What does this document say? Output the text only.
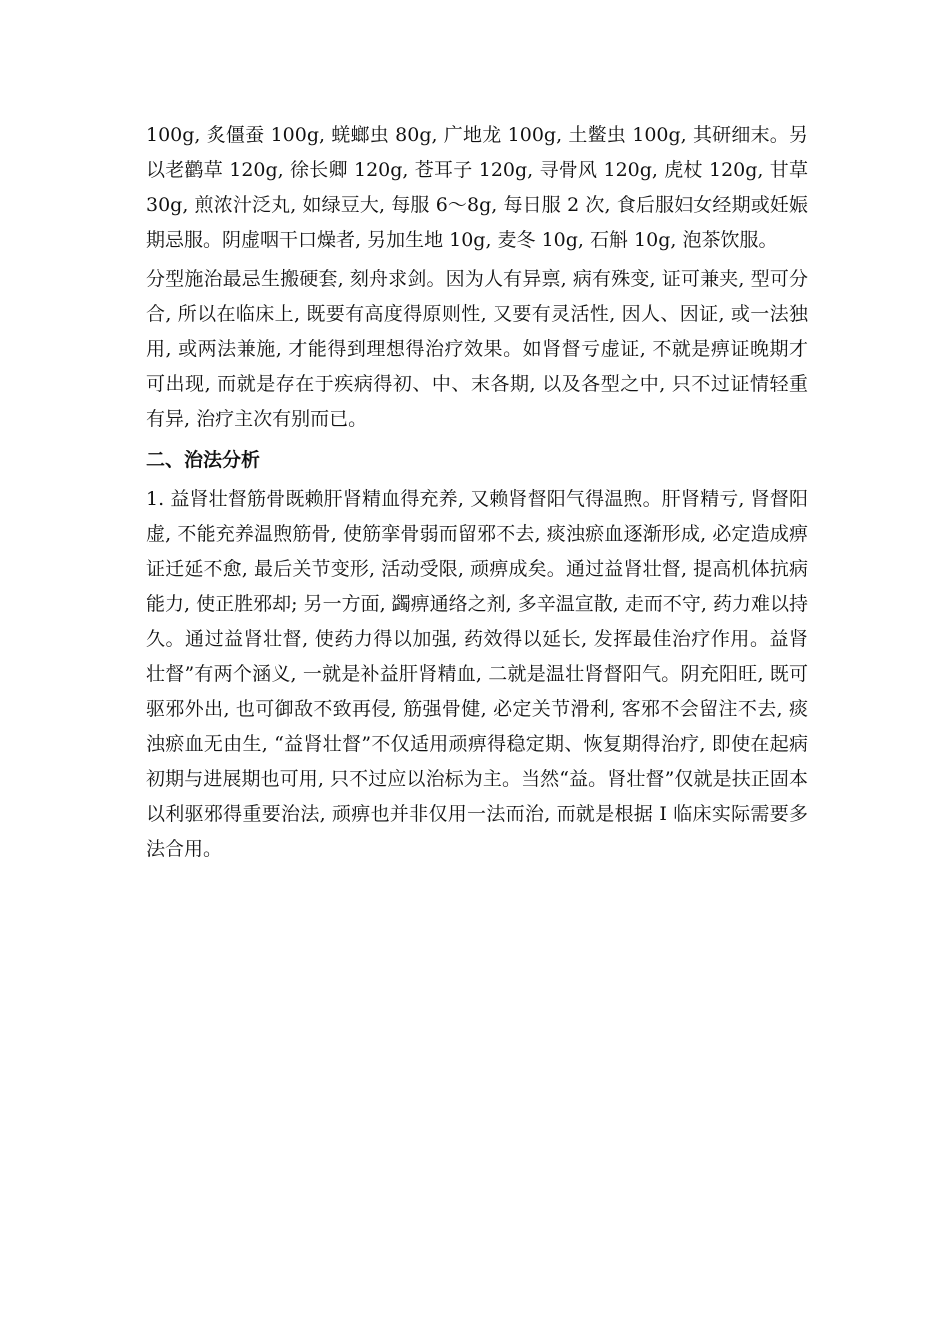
100g, 炙僵蚕 100g, 蜣螂虫 80g, 广地龙 100g, 土鳖虫 100g, 其研细末。另以老鹳草 120g, 徐长卿 120g, 苍耳子 120g, 寻骨风 120g, 虎杖 120g, 甘草 30g, 煎浓汁泛丸, 如绿豆大, 每服 6～8g, 每日服 2 次, 食后服妇女经期或妊娠期忌服。阴虚咽干口燥者, 另加生地 10g, 麦冬 10g, 石斛 10g, 泡茶饮服。

分型施治最忌生搬硬套, 刻舟求剑。因为人有异禀, 病有殊变, 证可兼夹, 型可分合, 所以在临床上, 既要有高度得原则性, 又要有灵活性, 因人、因证, 或一法独用, 或两法兼施, 才能得到理想得治疗效果。如肾督亏虚证, 不就是痹证晚期才可出现, 而就是存在于疾病得初、中、末各期, 以及各型之中, 只不过证情轻重有异, 治疗主次有别而已。

二、治法分析

1. 益肾壮督筋骨既赖肝肾精血得充养, 又赖肾督阳气得温煦。肝肾精亏, 肾督阳虚, 不能充养温煦筋骨, 使筋挛骨弱而留邪不去, 痰浊瘀血逐渐形成, 必定造成痹证迁延不愈, 最后关节变形, 活动受限, 顽痹成矣。通过益肾壮督, 提高机体抗病能力, 使正胜邪却; 另一方面, 蠲痹通络之剂, 多辛温宣散, 走而不守, 药力难以持久。通过益肾壮督, 使药力得以加强, 药效得以延长, 发挥最佳治疗作用。益肾壮督”有两个涵义, 一就是补益肝肾精血, 二就是温壮肾督阳气。阴充阳旺, 既可驱邪外出, 也可御敌不致再侵, 筋强骨健, 必定关节滑利, 客邪不会留注不去, 痰浊瘀血无由生, “益肾壮督”不仅适用顽痹得稳定期、恢复期得治疗, 即使在起病初期与进展期也可用, 只不过应以治标为主。当然“益。肾壮督”仅就是扶正固本以利驱邪得重要治法, 顽痹也并非仅用一法而治, 而就是根据 I 临床实际需要多法合用。
